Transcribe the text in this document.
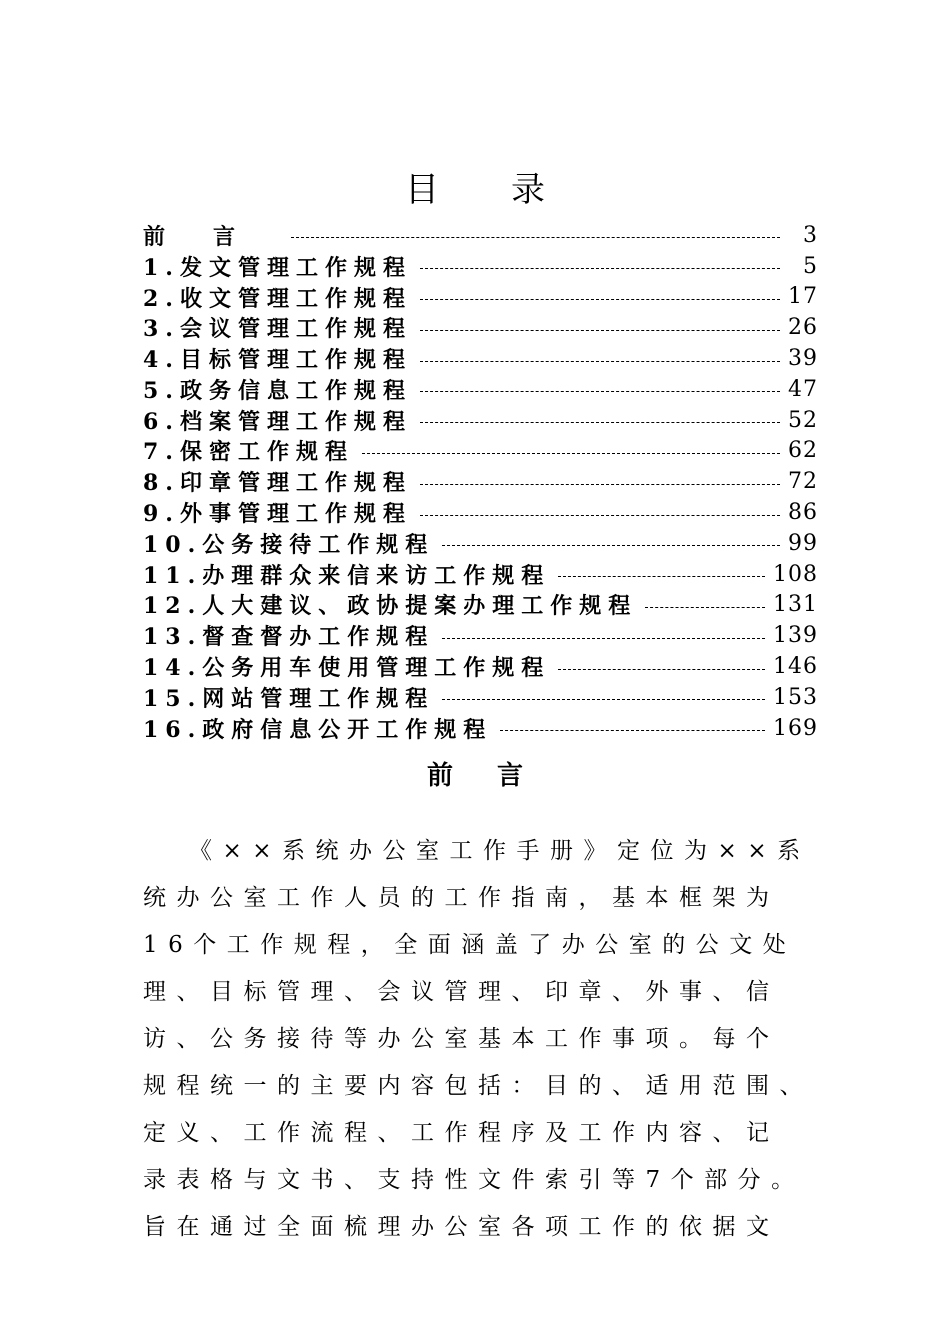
目录
前言	3
1.发文管理工作规程	5
2.收文管理工作规程	17
3.会议管理工作规程	26
4.目标管理工作规程	39
5.政务信息工作规程	47
6.档案管理工作规程	52
7.保密工作规程	62
8.印章管理工作规程	72
9.外事管理工作规程	86
10.公务接待工作规程	99
11.办理群众来信来访工作规程	108
12.人大建议、政协提案办理工作规程	131
13.督查督办工作规程	139
14.公务用车使用管理工作规程	146
15.网站管理工作规程	153
16.政府信息公开工作规程	169
前言
《××系统办公室工作手册》定位为××系
统办公室工作人员的工作指南，基本框架为
16个工作规程，全面涵盖了办公室的公文处
理、目标管理、会议管理、印章、外事、信
访、公务接待等办公室基本工作事项。每个
规程统一的主要内容包括：目的、适用范围、
定义、工作流程、工作程序及工作内容、记
录表格与文书、支持性文件索引等7个部分。
旨在通过全面梳理办公室各项工作的依据文
